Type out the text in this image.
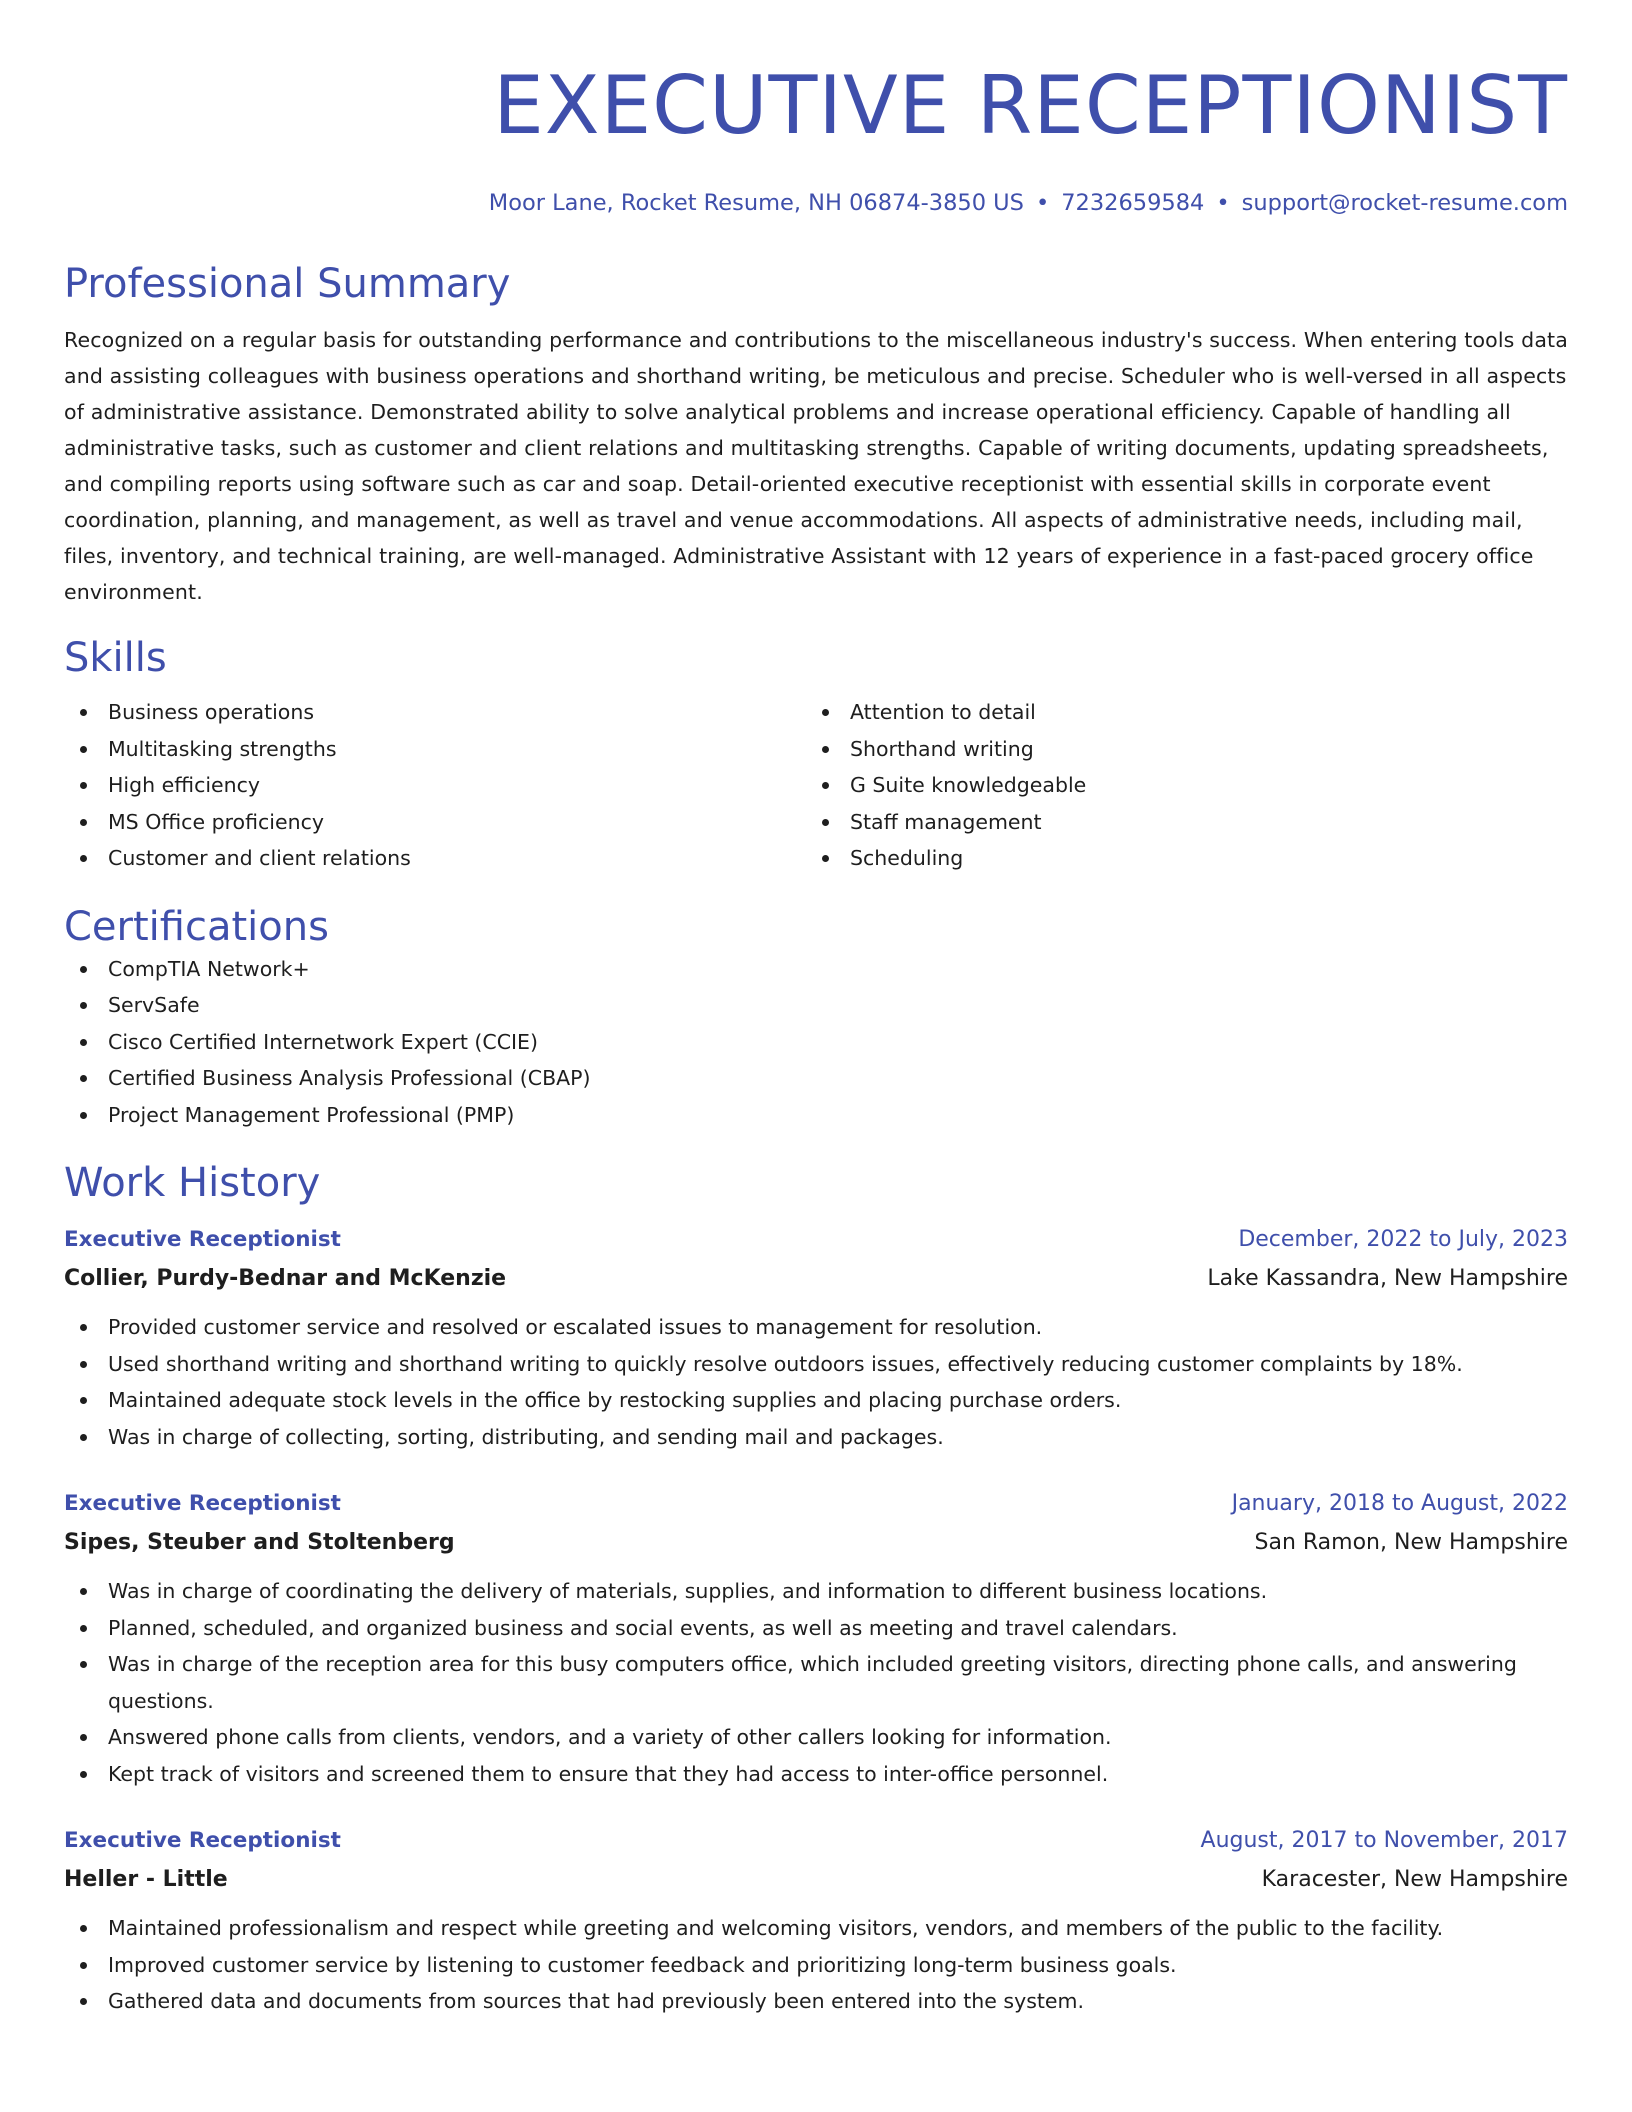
EXECUTIVE RECEPTIONIST
Moor Lane, Rocket Resume, NH 06874-3850 US • 7232659584 • support@rocket-resume.com
Professional Summary

Recognized on a regular basis for outstanding performance and contributions to the miscellaneous industry's success. When entering tools data and assisting colleagues with business operations and shorthand writing, be meticulous and precise. Scheduler who is well-versed in all aspects of administrative assistance. Demonstrated ability to solve analytical problems and increase operational efficiency. Capable of handling all administrative tasks, such as customer and client relations and multitasking strengths. Capable of writing documents, updating spreadsheets, and compiling reports using software such as car and soap. Detail-oriented executive receptionist with essential skills in corporate event coordination, planning, and management, as well as travel and venue accommodations. All aspects of administrative needs, including mail, files, inventory, and technical training, are well-managed. Administrative Assistant with 12 years of experience in a fast-paced grocery office environment.

Skills
Business operations
Multitasking strengths
High efficiency
MS Office proficiency
Customer and client relations
Attention to detail
Shorthand writing
G Suite knowledgeable
Staff management
Scheduling
Certifications
CompTIA Network+
ServSafe
Cisco Certified Internetwork Expert (CCIE)
Certified Business Analysis Professional (CBAP)
Project Management Professional (PMP)
Work History
Executive Receptionist	December, 2022 to July, 2023
Collier, Purdy-Bednar and McKenzie	Lake Kassandra, New Hampshire
Provided customer service and resolved or escalated issues to management for resolution.
Used shorthand writing and shorthand writing to quickly resolve outdoors issues, effectively reducing customer complaints by 18%.
Maintained adequate stock levels in the office by restocking supplies and placing purchase orders.
Was in charge of collecting, sorting, distributing, and sending mail and packages.
Executive Receptionist	January, 2018 to August, 2022
Sipes, Steuber and Stoltenberg	San Ramon, New Hampshire
Was in charge of coordinating the delivery of materials, supplies, and information to different business locations.
Planned, scheduled, and organized business and social events, as well as meeting and travel calendars.
Was in charge of the reception area for this busy computers office, which included greeting visitors, directing phone calls, and answering questions.
Answered phone calls from clients, vendors, and a variety of other callers looking for information.
Kept track of visitors and screened them to ensure that they had access to inter-office personnel.
Executive Receptionist	August, 2017 to November, 2017
Heller - Little	Karacester, New Hampshire
Maintained professionalism and respect while greeting and welcoming visitors, vendors, and members of the public to the facility.
Improved customer service by listening to customer feedback and prioritizing long-term business goals.
Gathered data and documents from sources that had previously been entered into the system.
